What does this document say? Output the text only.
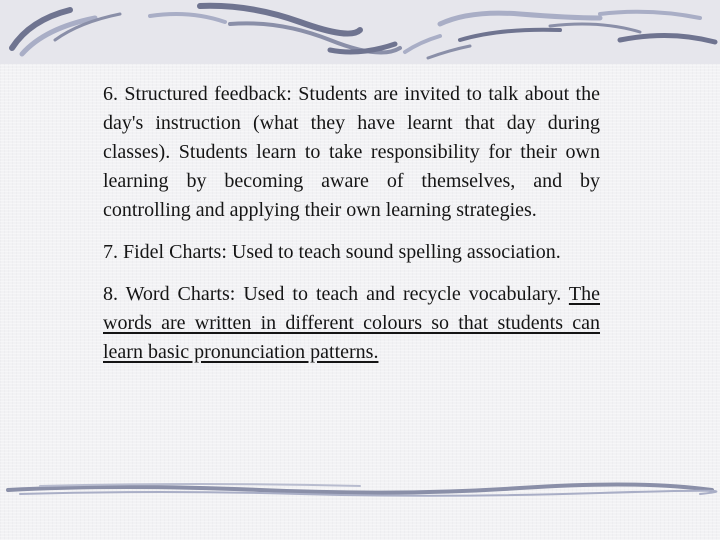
6. Structured feedback: Students are invited to talk about the day's instruction (what they have learnt that day during classes). Students learn to take responsibility for their own learning by becoming aware of themselves, and by controlling and applying their own learning strategies.

7. Fidel Charts: Used to teach sound spelling association.

8. Word Charts: Used to teach and recycle vocabulary. The words are written in different colours so that students can learn basic pronunciation patterns.
